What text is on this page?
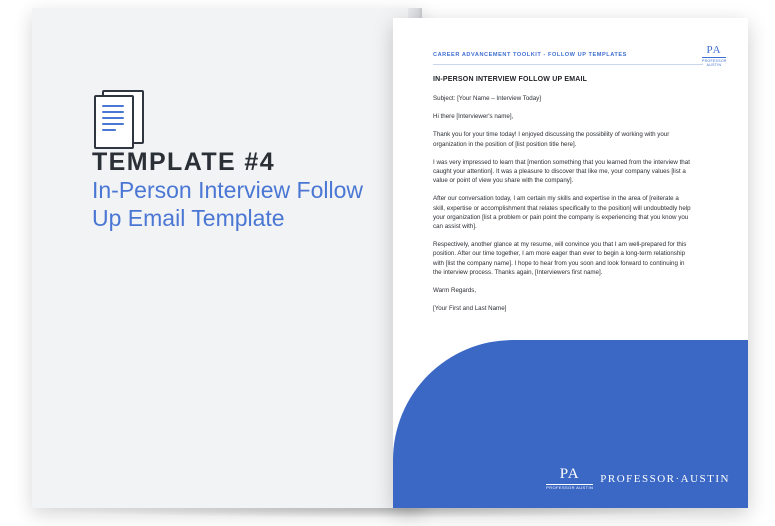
TEMPLATE #4
In-Person Interview Follow Up Email Template
CAREER ADVANCEMENT TOOLKIT - FOLLOW UP TEMPLATES	PA
PROFESSOR AUSTIN
IN-PERSON INTERVIEW FOLLOW UP EMAIL

Subject: [Your Name – Interview Today]

Hi there [Interviewer's name],

Thank you for your time today! I enjoyed discussing the possibility of working with your organization in the position of [list position title here].

I was very impressed to learn that [mention something that you learned from the interview that caught your attention]. It was a pleasure to discover that like me, your company values [list a value or point of view you share with the company].

After our conversation today, I am certain my skills and expertise in the area of [reiterate a skill, expertise or accomplishment that relates specifically to the position] will undoubtedly help your organization [list a problem or pain point the company is experiencing that you know you can assist with].

Respectively, another glance at my resume, will convince you that I am well-prepared for this position. After our time together, I am more eager than ever to begin a long-term relationship with [list the company name]. I hope to hear from you soon and look forward to continuing in the interview process. Thanks again, [Interviewers first name].

Warm Regards,

[Your First and Last Name]

PA
PROFESSOR AUSTIN
PROFESSOR·AUSTIN
